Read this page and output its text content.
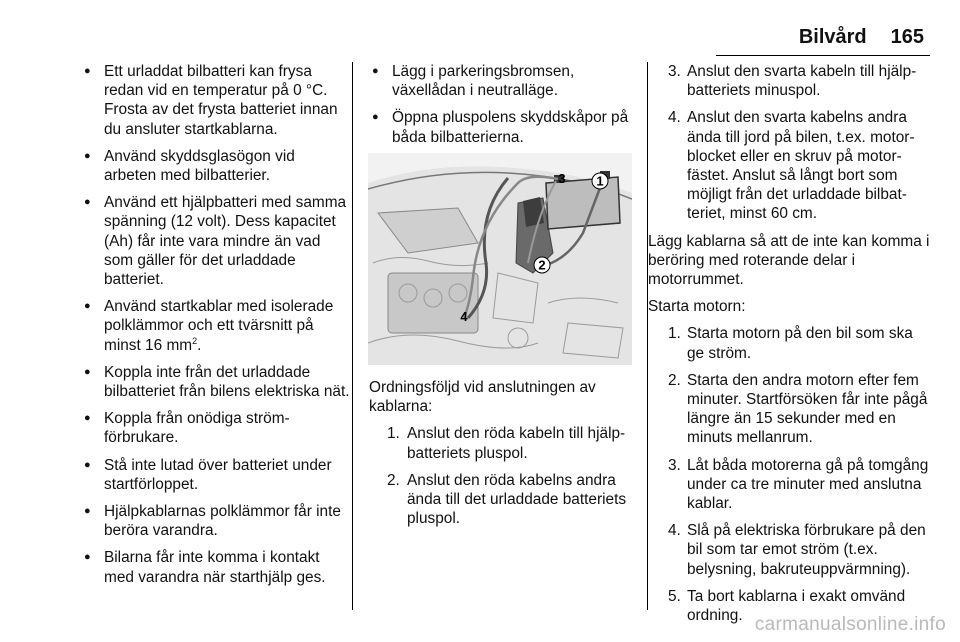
Bilvård 165
● Ett urladdat bilbatteri kan frysa redan vid en temperatur på 0 °C. Frosta av det frysta batteriet innan du ansluter startkablarna.
● Använd skyddsglasögon vid arbeten med bilbatterier.
● Använd ett hjälpbatteri med samma spänning (12 volt). Dess kapacitet (Ah) får inte vara mindre än vad som gäller för det urladdade batteriet.
● Använd startkablar med isolerade polklämmor och ett tvärsnitt på minst 16 $mm^2$.
● Koppla inte från det urladdade bilbatteriet från bilens elektriska nät.
● Koppla från onödiga strömförbrukare.
● Stå inte lutad över batteriet under startförloppet.
● Hjälpkablarnas polklämmor får inte beröra varandra.
● Bilarna får inte komma i kontakt med varandra när starthjälp ges.
● Lägg i parkeringsbromsen, växellådan i neutralläge.
● Öppna pluspolens skyddskåpor på båda bilbatterierna.
1
2
3
4
Ordningsföljd vid anslutningen av kablarna:
1. Anslut den röda kabeln till hjälpbatteriets pluspol.
2. Anslut den röda kabelns andra ända till det urladdade batteriets pluspol.
3. Anslut den svarta kabeln till hjälpbatteriets minuspol.
4. Anslut den svarta kabelns andra ända till jord på bilen, t.ex. motorblocket eller en skruv på motorfästet. Anslut så långt bort som möjligt från det urladdade bilbatteriet, minst 60 cm.
Lägg kablarna så att de inte kan komma i beröring med roterande delar i motorrummet.
Starta motorn:
1. Starta motorn på den bil som ska ge ström.
2. Starta den andra motorn efter fem minuter. Startförsöken får inte pågå längre än 15 sekunder med en minuts mellanrum.
3. Låt båda motorerna gå på tomgång under ca tre minuter med anslutna kablar.
4. Slå på elektriska förbrukare på den bil som tar emot ström (t.ex. belysning, bakruteuppvärmning).
5. Ta bort kablarna i exakt omvänd ordning. carmanualsonline.info
